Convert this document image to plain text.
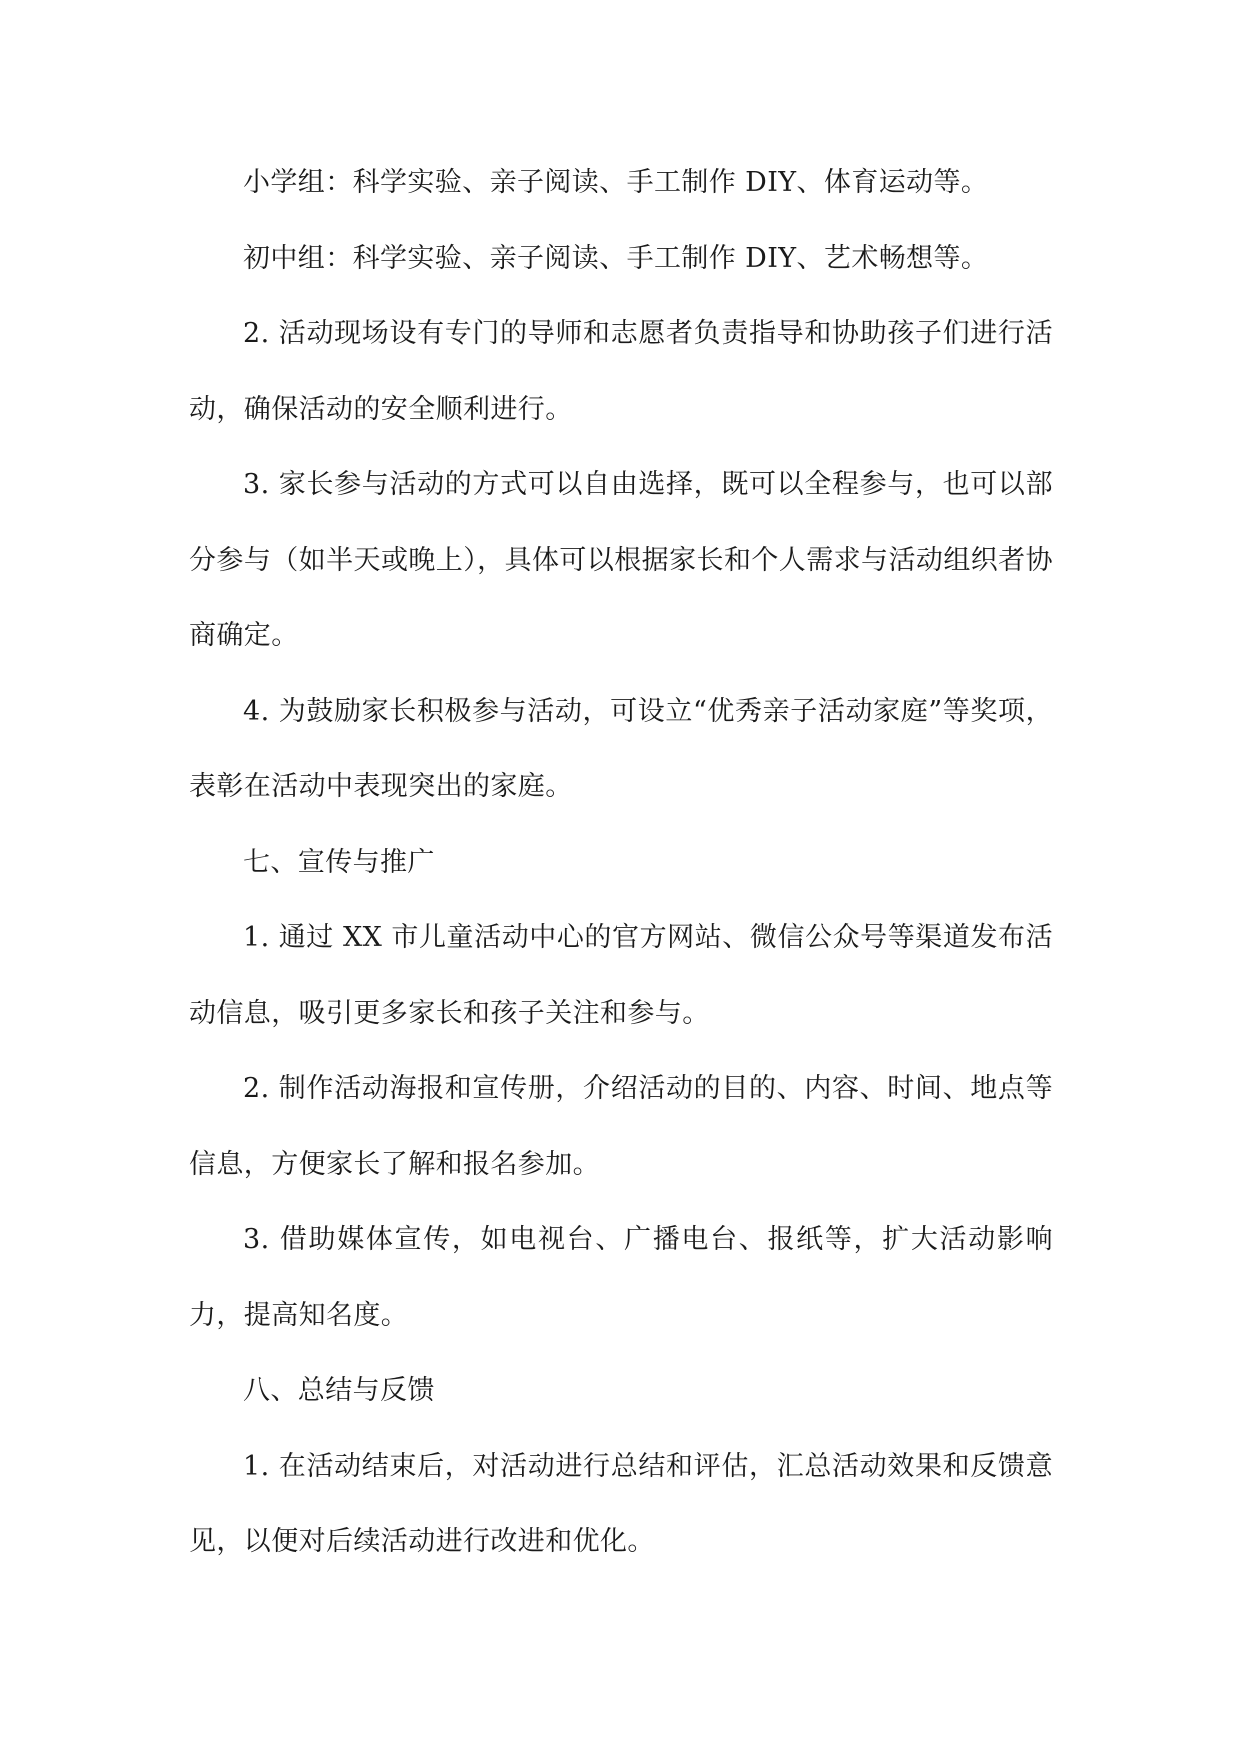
小学组：科学实验、亲子阅读、手工制作 DIY、体育运动等。

初中组：科学实验、亲子阅读、手工制作 DIY、艺术畅想等。

2. 活动现场设有专门的导师和志愿者负责指导和协助孩子们进行活动，确保活动的安全顺利进行。

3. 家长参与活动的方式可以自由选择，既可以全程参与，也可以部分参与（如半天或晚上），具体可以根据家长和个人需求与活动组织者协商确定。

4. 为鼓励家长积极参与活动，可设立“优秀亲子活动家庭”等奖项，表彰在活动中表现突出的家庭。

七、宣传与推广

1. 通过 XX 市儿童活动中心的官方网站、微信公众号等渠道发布活动信息，吸引更多家长和孩子关注和参与。

2. 制作活动海报和宣传册，介绍活动的目的、内容、时间、地点等信息，方便家长了解和报名参加。

3. 借助媒体宣传，如电视台、广播电台、报纸等，扩大活动影响力，提高知名度。

八、总结与反馈

1. 在活动结束后，对活动进行总结和评估，汇总活动效果和反馈意见，以便对后续活动进行改进和优化。
